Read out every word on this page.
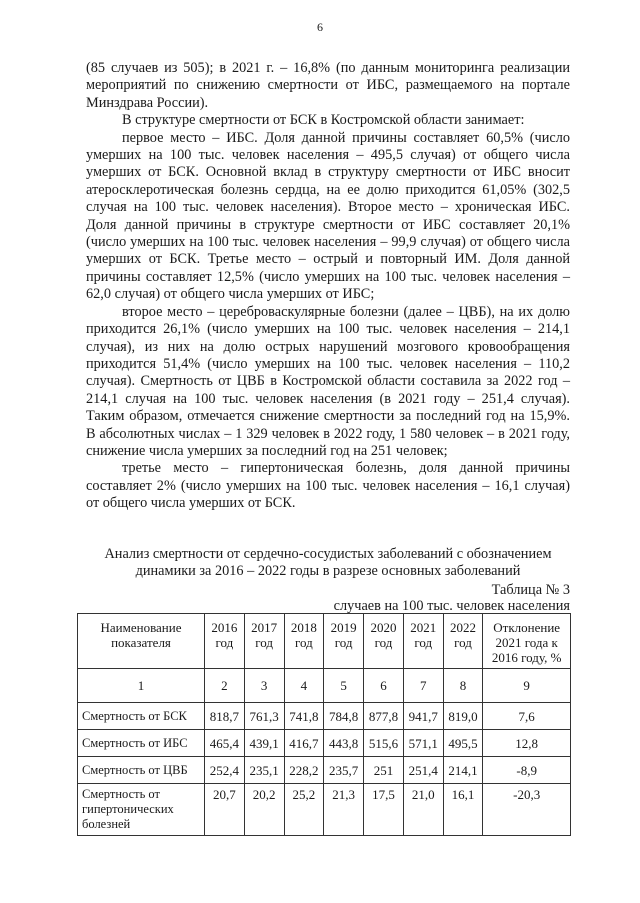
6

(85 случаев из 505); в 2021 г. – 16,8% (по данным мониторинга реализации мероприятий по снижению смертности от ИБС, размещаемого на портале Минздрава России).

В структуре смертности от БСК в Костромской области занимает:

первое место – ИБС. Доля данной причины составляет 60,5% (число умерших на 100 тыс. человек населения – 495,5 случая) от общего числа умерших от БСК. Основной вклад в структуру смертности от ИБС вносит атеросклеротическая болезнь сердца, на ее долю приходится 61,05% (302,5 случая на 100 тыс. человек населения). Второе место – хроническая ИБС. Доля данной причины в структуре смертности от ИБС составляет 20,1% (число умерших на 100 тыс. человек населения – 99,9 случая) от общего числа умерших от БСК. Третье место – острый и повторный ИМ. Доля данной причины составляет 12,5% (число умерших на 100 тыс. человек населения – 62,0 случая) от общего числа умерших от ИБС;

второе место – цереброваскулярные болезни (далее – ЦВБ), на их долю приходится 26,1% (число умерших на 100 тыс. человек населения – 214,1 случая), из них на долю острых нарушений мозгового кровообращения приходится 51,4% (число умерших на 100 тыс. человек населения – 110,2 случая). Смертность от ЦВБ в Костромской области составила за 2022 год – 214,1 случая на 100 тыс. человек населения (в 2021 году – 251,4 случая). Таким образом, отмечается снижение смертности за последний год на 15,9%. В абсолютных числах – 1 329 человек в 2022 году, 1 580 человек – в 2021 году, снижение числа умерших за последний год на 251 человек;

третье место – гипертоническая болезнь, доля данной причины составляет 2% (число умерших на 100 тыс. человек населения – 16,1 случая) от общего числа умерших от БСК.

Анализ смертности от сердечно-сосудистых заболеваний с обозначением динамики за 2016 – 2022 годы в разрезе основных заболеваний
Таблица № 3
случаев на 100 тыс. человек населения
Наименование показателя	2016 год	2017 год	2018 год	2019 год	2020 год	2021 год	2022 год	Отклонение 2021 года к 2016 году, %
1	2	3	4	5	6	7	8	9
Смертность от БСК	818,7	761,3	741,8	784,8	877,8	941,7	819,0	7,6
Смертность от ИБС	465,4	439,1	416,7	443,8	515,6	571,1	495,5	12,8
Смертность от ЦВБ	252,4	235,1	228,2	235,7	251	251,4	214,1	-8,9
Смертность от гипертонических болезней	20,7	20,2	25,2	21,3	17,5	21,0	16,1	-20,3
